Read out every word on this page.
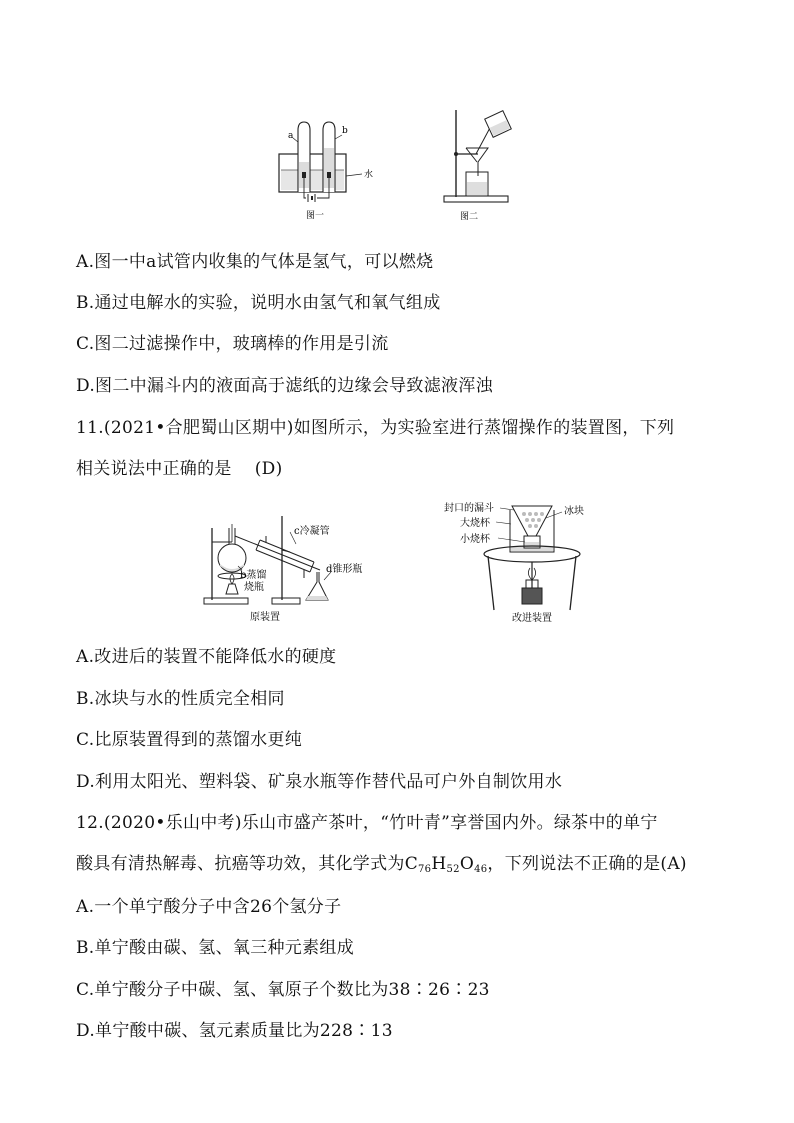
a	b
水
图一	图二
A.图一中a试管内收集的气体是氢气，可以燃烧
B.通过电解水的实验，说明水由氢气和氧气组成
C.图二过滤操作中，玻璃棒的作用是引流
D.图二中漏斗内的液面高于滤纸的边缘会导致滤液浑浊
11.(2021•合肥蜀山区期中)如图所示，为实验室进行蒸馏操作的装置图，下列
相关说法中正确的是　 (D)
c冷凝管
b蒸馏
烧瓶
d锥形瓶
原装置
封口的漏斗
大烧杯
小烧杯
冰块
改进装置
A.改进后的装置不能降低水的硬度
B.冰块与水的性质完全相同
C.比原装置得到的蒸馏水更纯
D.利用太阳光、塑料袋、矿泉水瓶等作替代品可户外自制饮用水
12.(2020•乐山中考)乐山市盛产茶叶，“竹叶青”享誉国内外。绿茶中的单宁
酸具有清热解毒、抗癌等功效，其化学式为$C_{76}H_{52}O_{46}$，下列说法不正确的是(A)
A.一个单宁酸分子中含26个氢分子
B.单宁酸由碳、氢、氧三种元素组成
C.单宁酸分子中碳、氢、氧原子个数比为38∶26∶23
D.单宁酸中碳、氢元素质量比为228∶13
